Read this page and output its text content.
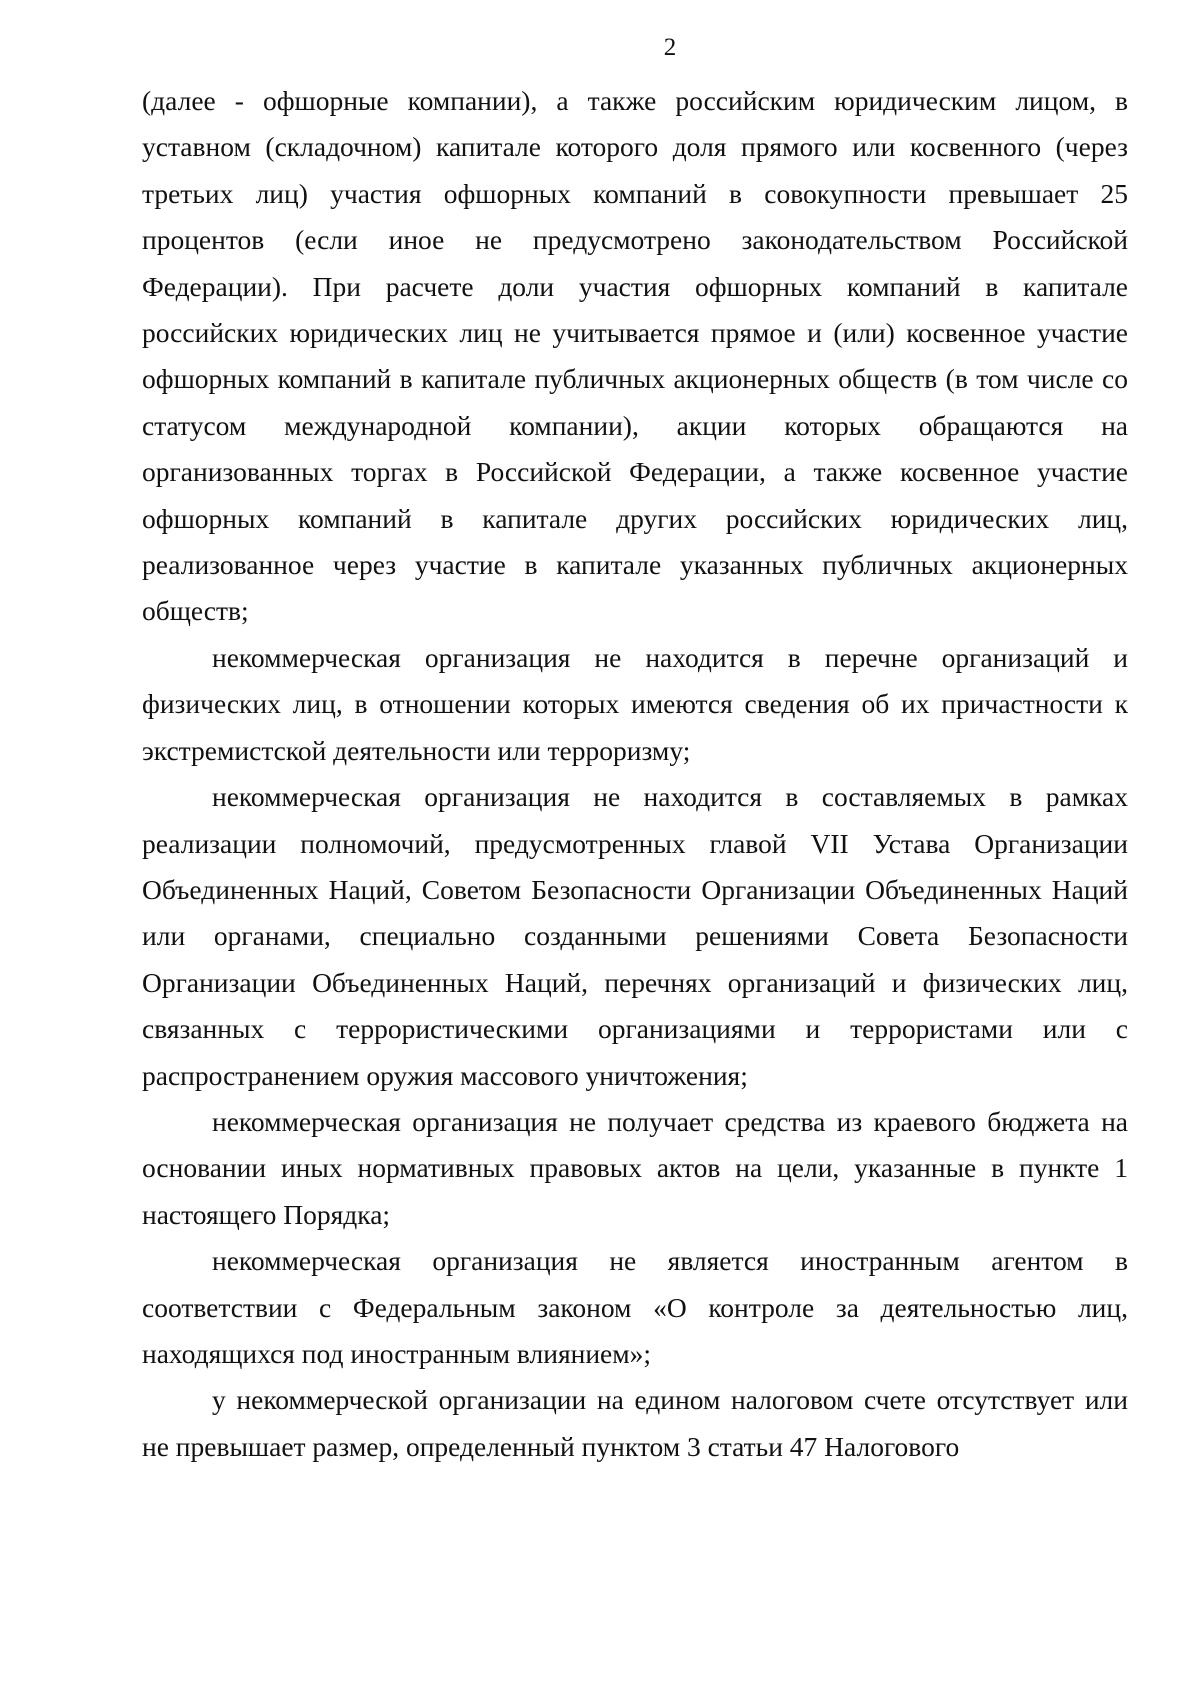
2

(далее - офшорные компании), а также российским юридическим лицом, в уставном (складочном) капитале которого доля прямого или косвенного (через третьих лиц) участия офшорных компаний в совокупности превышает 25 процентов (если иное не предусмотрено законодательством Российской Федерации). При расчете доли участия офшорных компаний в капитале российских юридических лиц не учитывается прямое и (или) косвенное участие офшорных компаний в капитале публичных акционерных обществ (в том числе со статусом международной компании), акции которых обращаются на организованных торгах в Российской Федерации, а также косвенное участие офшорных компаний в капитале других российских юридических лиц, реализованное через участие в капитале указанных публичных акционерных обществ;

некоммерческая организация не находится в перечне организаций и физических лиц, в отношении которых имеются сведения об их причастности к экстремистской деятельности или терроризму;

некоммерческая организация не находится в составляемых в рамках реализации полномочий, предусмотренных главой VII Устава Организации Объединенных Наций, Советом Безопасности Организации Объединенных Наций или органами, специально созданными решениями Совета Безопасности Организации Объединенных Наций, перечнях организаций и физических лиц, связанных с террористическими организациями и террористами или с распространением оружия массового уничтожения;

некоммерческая организация не получает средства из краевого бюджета на основании иных нормативных правовых актов на цели, указанные в пункте 1 настоящего Порядка;

некоммерческая организация не является иностранным агентом в соответствии с Федеральным законом «О контроле за деятельностью лиц, находящихся под иностранным влиянием»;

у некоммерческой организации на едином налоговом счете отсутствует или не превышает размер, определенный пунктом 3 статьи 47 Налогового
